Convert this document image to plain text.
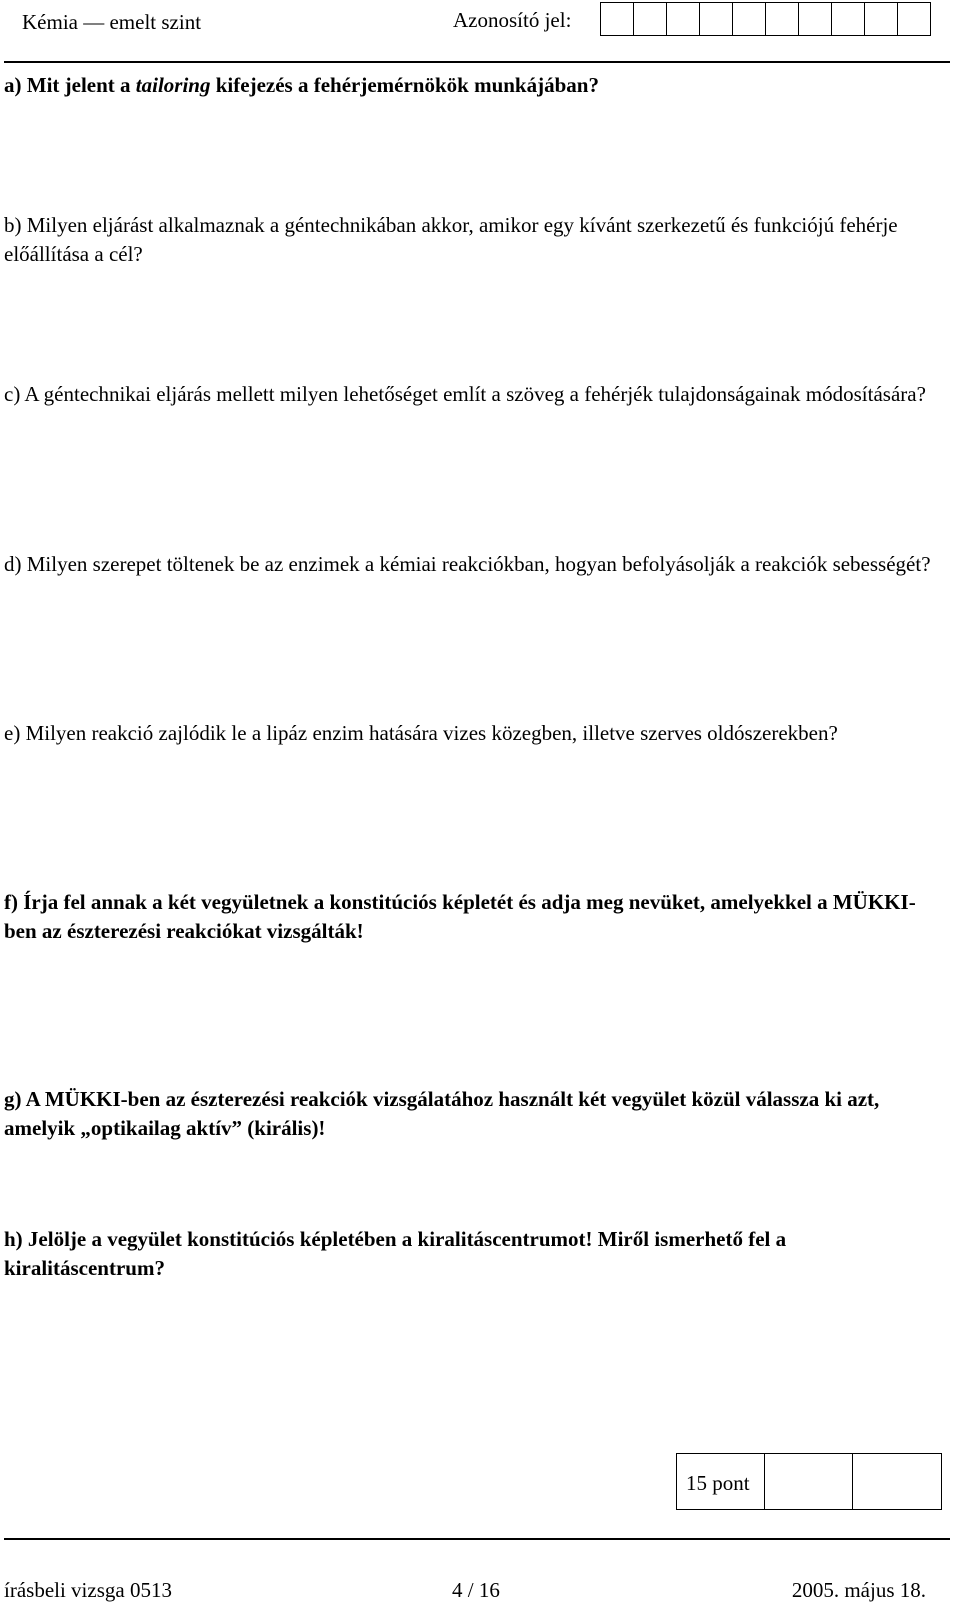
Kémia — emelt szint	Azonosító jel:
a) Mit jelent a tailoring kifejezés a fehérjemérnökök munkájában?
b) Milyen eljárást alkalmaznak a géntechnikában akkor, amikor egy kívánt szerkezetű és funkciójú fehérje előállítása a cél?
c) A géntechnikai eljárás mellett milyen lehetőséget említ a szöveg a fehérjék tulajdonságainak módosítására?
d) Milyen szerepet töltenek be az enzimek a kémiai reakciókban, hogyan befolyásolják a reakciók sebességét?
e) Milyen reakció zajlódik le a lipáz enzim hatására vizes közegben, illetve szerves oldószerekben?
f) Írja fel annak a két vegyületnek a konstitúciós képletét és adja meg nevüket, amelyekkel a MÜKKI-ben az észterezési reakciókat vizsgálták!
g) A MÜKKI-ben az észterezési reakciók vizsgálatához használt két vegyület közül válassza ki azt, amelyik „optikailag aktív” (királis)!
h) Jelölje a vegyület konstitúciós képletében a kiralitáscentrumot! Miről ismerhető fel a kiralitáscentrum?
15 pont
írásbeli vizsga 0513	4 / 16	2005. május 18.
